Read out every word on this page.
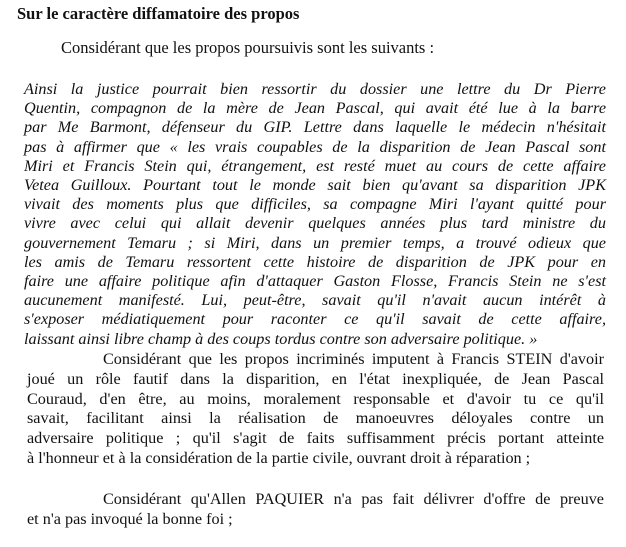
Sur le caractère diffamatoire des propos
Considérant que les propos poursuivis sont les suivants :
Ainsi la justice pourrait bien ressortir du dossier une lettre du Dr Pierre
Quentin, compagnon de la mère de Jean Pascal, qui avait été lue à la barre
par Me Barmont, défenseur du GIP. Lettre dans laquelle le médecin n'hésitait
pas à affirmer que « les vrais coupables de la disparition de Jean Pascal sont
Miri et Francis Stein qui, étrangement, est resté muet au cours de cette affaire
Vetea Guilloux. Pourtant tout le monde sait bien qu'avant sa disparition JPK
vivait des moments plus que difficiles, sa compagne Miri l'ayant quitté pour
vivre avec celui qui allait devenir quelques années plus tard ministre du
gouvernement Temaru ; si Miri, dans un premier temps, a trouvé odieux que
les amis de Temaru ressortent cette histoire de disparition de JPK pour en
faire une affaire politique afin d'attaquer Gaston Flosse, Francis Stein ne s'est
aucunement manifesté. Lui, peut-être, savait qu'il n'avait aucun intérêt à
s'exposer médiatiquement pour raconter ce qu'il savait de cette affaire,
laissant ainsi libre champ à des coups tordus contre son adversaire politique. »
Considérant que les propos incriminés imputent à Francis STEIN d'avoir
joué un rôle fautif dans la disparition, en l'état inexpliquée, de Jean Pascal
Couraud, d'en être, au moins, moralement responsable et d'avoir tu ce qu'il
savait, facilitant ainsi la réalisation de manoeuvres déloyales contre un
adversaire politique ; qu'il s'agit de faits suffisamment précis portant atteinte
à l'honneur et à la considération de la partie civile, ouvrant droit à réparation ;
Considérant qu'Allen PAQUIER n'a pas fait délivrer d'offre de preuve
et n'a pas invoqué la bonne foi ;
